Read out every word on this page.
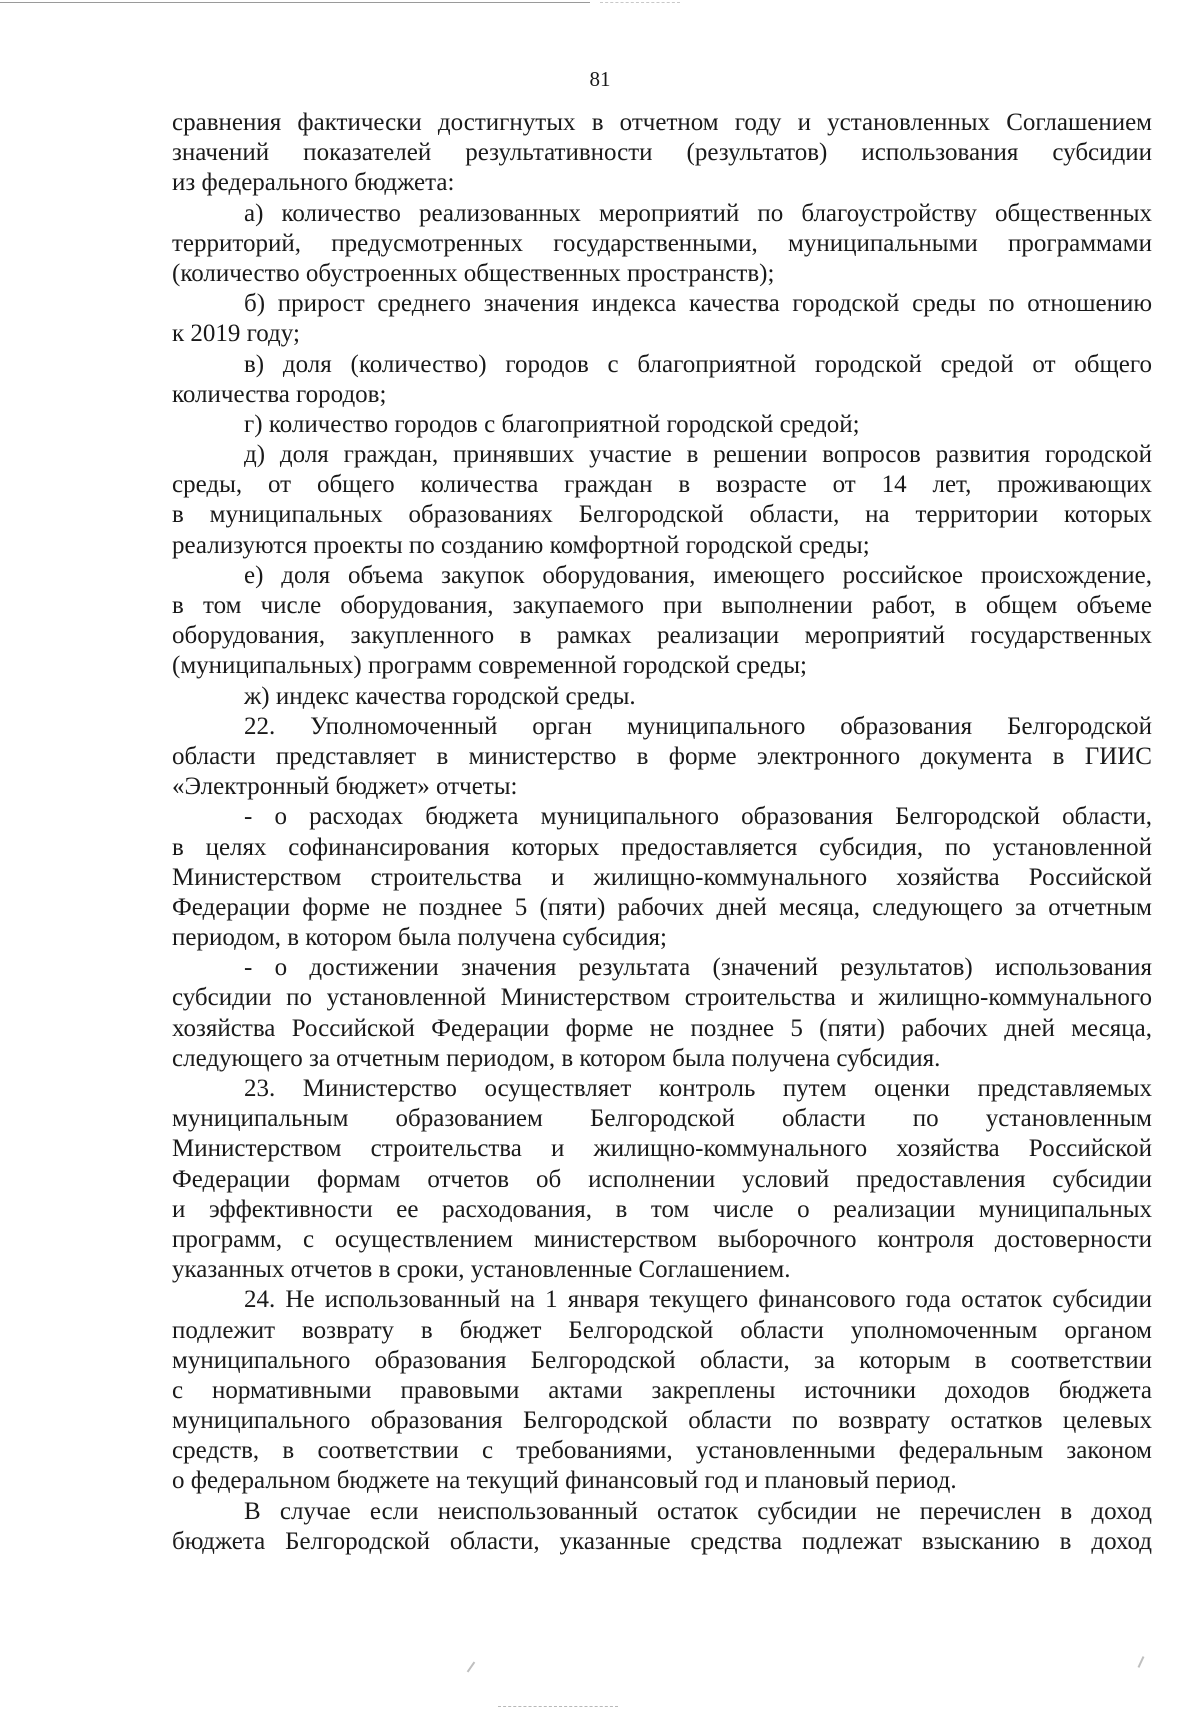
81
сравнения фактически достигнутых в отчетном году и установленных Соглашением
значений показателей результативности (результатов) использования субсидии
из федерального бюджета:
а) количество реализованных мероприятий по благоустройству общественных
территорий, предусмотренных государственными, муниципальными программами
(количество обустроенных общественных пространств);
б) прирост среднего значения индекса качества городской среды по отношению
к 2019 году;
в) доля (количество) городов с благоприятной городской средой от общего
количества городов;
г) количество городов с благоприятной городской средой;
д) доля граждан, принявших участие в решении вопросов развития городской
среды, от общего количества граждан в возрасте от 14 лет, проживающих
в муниципальных образованиях Белгородской области, на территории которых
реализуются проекты по созданию комфортной городской среды;
е) доля объема закупок оборудования, имеющего российское происхождение,
в том числе оборудования, закупаемого при выполнении работ, в общем объеме
оборудования, закупленного в рамках реализации мероприятий государственных
(муниципальных) программ современной городской среды;
ж) индекс качества городской среды.
22. Уполномоченный орган муниципального образования Белгородской
области представляет в министерство в форме электронного документа в ГИИС
«Электронный бюджет» отчеты:
- о расходах бюджета муниципального образования Белгородской области,
в целях софинансирования которых предоставляется субсидия, по установленной
Министерством строительства и жилищно-коммунального хозяйства Российской
Федерации форме не позднее 5 (пяти) рабочих дней месяца, следующего за отчетным
периодом, в котором была получена субсидия;
- о достижении значения результата (значений результатов) использования
субсидии по установленной Министерством строительства и жилищно-коммунального
хозяйства Российской Федерации форме не позднее 5 (пяти) рабочих дней месяца,
следующего за отчетным периодом, в котором была получена субсидия.
23. Министерство осуществляет контроль путем оценки представляемых
муниципальным образованием Белгородской области по установленным
Министерством строительства и жилищно-коммунального хозяйства Российской
Федерации формам отчетов об исполнении условий предоставления субсидии
и эффективности ее расходования, в том числе о реализации муниципальных
программ, с осуществлением министерством выборочного контроля достоверности
указанных отчетов в сроки, установленные Соглашением.
24. Не использованный на 1 января текущего финансового года остаток субсидии
подлежит возврату в бюджет Белгородской области уполномоченным органом
муниципального образования Белгородской области, за которым в соответствии
с нормативными правовыми актами закреплены источники доходов бюджета
муниципального образования Белгородской области по возврату остатков целевых
средств, в соответствии с требованиями, установленными федеральным законом
о федеральном бюджете на текущий финансовый год и плановый период.
В случае если неиспользованный остаток субсидии не перечислен в доход
бюджета Белгородской области, указанные средства подлежат взысканию в доход
